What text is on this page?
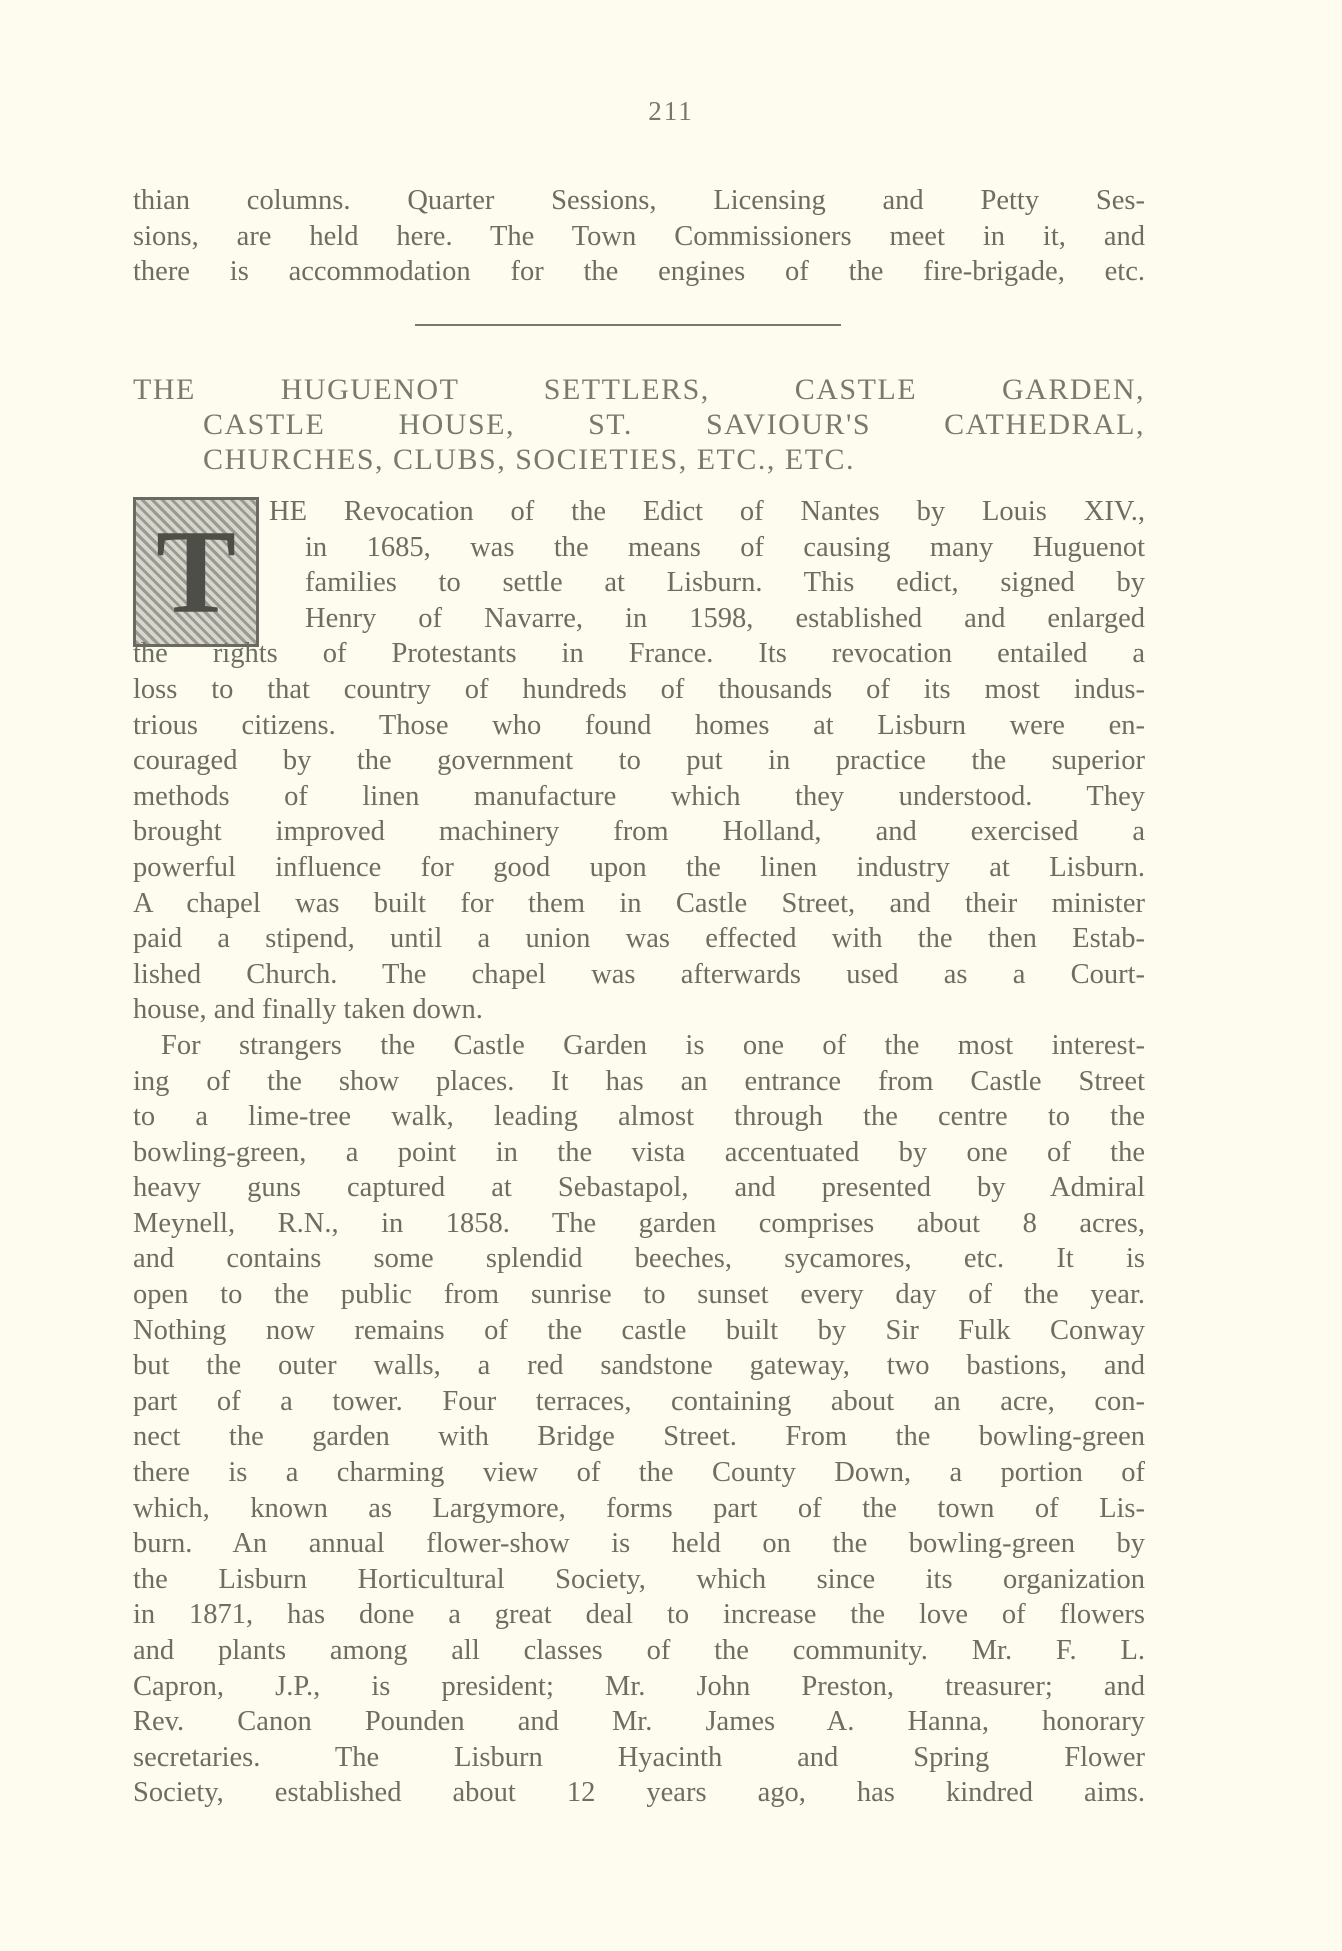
211
thian columns. Quarter Sessions, Licensing and Petty Ses-
sions, are held here. The Town Commissioners meet in it, and
there is accommodation for the engines of the fire-brigade, etc.
THE HUGUENOT SETTLERS, CASTLE GARDEN,
CASTLE HOUSE, ST. SAVIOUR'S CATHEDRAL,
CHURCHES, CLUBS, SOCIETIES, ETC., ETC.
T HE Revocation of the Edict of Nantes by Louis XIV.,
in 1685, was the means of causing many Huguenot
families to settle at Lisburn. This edict, signed by
Henry of Navarre, in 1598, established and enlarged
the rights of Protestants in France. Its revocation entailed a
loss to that country of hundreds of thousands of its most indus-
trious citizens. Those who found homes at Lisburn were en-
couraged by the government to put in practice the superior
methods of linen manufacture which they understood. They
brought improved machinery from Holland, and exercised a
powerful influence for good upon the linen industry at Lisburn.
A chapel was built for them in Castle Street, and their minister
paid a stipend, until a union was effected with the then Estab-
lished Church. The chapel was afterwards used as a Court-
house, and finally taken down.
For strangers the Castle Garden is one of the most interest-
ing of the show places. It has an entrance from Castle Street
to a lime-tree walk, leading almost through the centre to the
bowling-green, a point in the vista accentuated by one of the
heavy guns captured at Sebastapol, and presented by Admiral
Meynell, R.N., in 1858. The garden comprises about 8 acres,
and contains some splendid beeches, sycamores, etc. It is
open to the public from sunrise to sunset every day of the year.
Nothing now remains of the castle built by Sir Fulk Conway
but the outer walls, a red sandstone gateway, two bastions, and
part of a tower. Four terraces, containing about an acre, con-
nect the garden with Bridge Street. From the bowling-green
there is a charming view of the County Down, a portion of
which, known as Largymore, forms part of the town of Lis-
burn. An annual flower-show is held on the bowling-green by
the Lisburn Horticultural Society, which since its organization
in 1871, has done a great deal to increase the love of flowers
and plants among all classes of the community. Mr. F. L.
Capron, J.P., is president; Mr. John Preston, treasurer; and
Rev. Canon Pounden and Mr. James A. Hanna, honorary
secretaries. The Lisburn Hyacinth and Spring Flower
Society, established about 12 years ago, has kindred aims.
